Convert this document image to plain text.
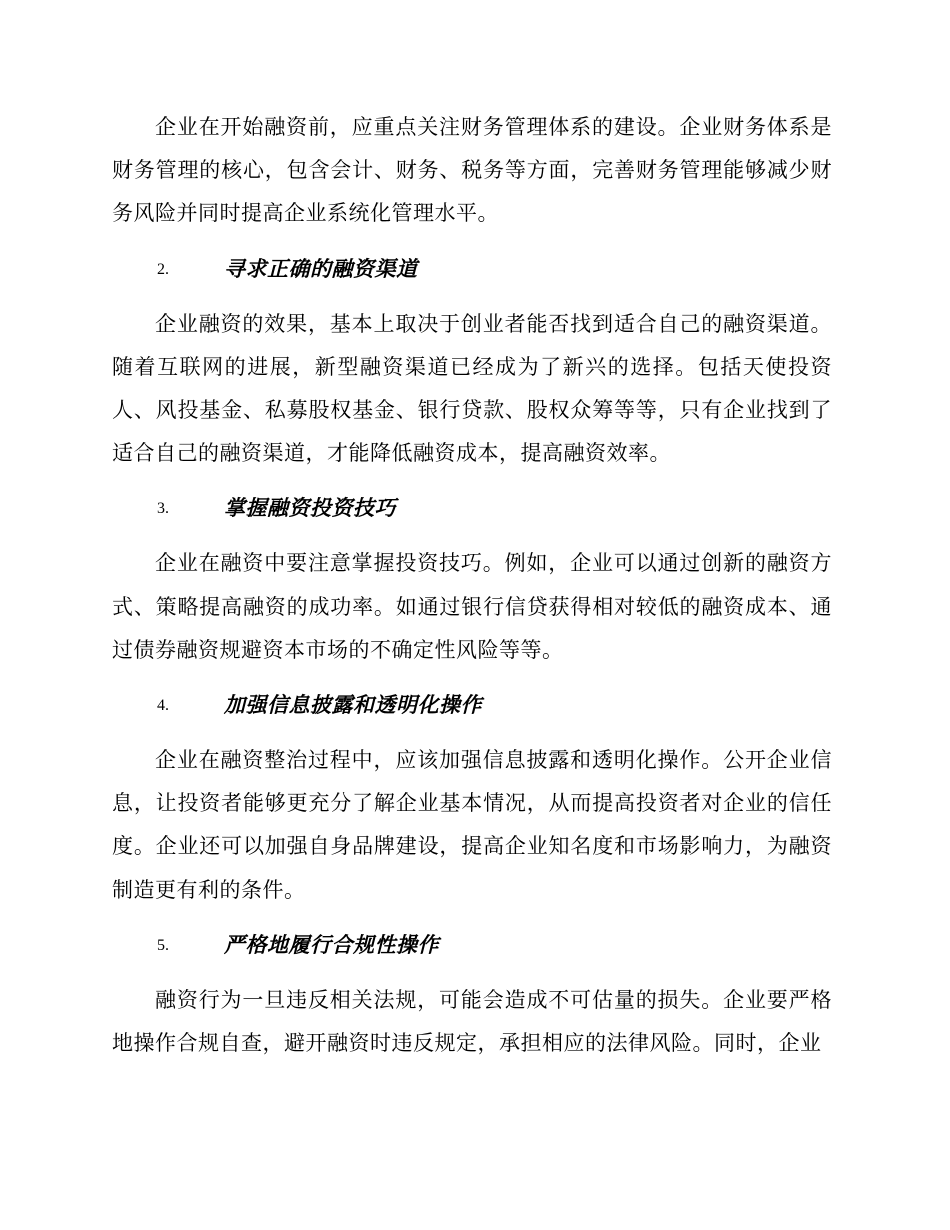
企业在开始融资前，应重点关注财务管理体系的建设。企业财务体系是财务管理的核心，包含会计、财务、税务等方面，完善财务管理能够减少财务风险并同时提高企业系统化管理水平。

2.	寻求正确的融资渠道

企业融资的效果，基本上取决于创业者能否找到适合自己的融资渠道。随着互联网的进展，新型融资渠道已经成为了新兴的选择。包括天使投资人、风投基金、私募股权基金、银行贷款、股权众筹等等，只有企业找到了适合自己的融资渠道，才能降低融资成本，提高融资效率。

3.	掌握融资投资技巧

企业在融资中要注意掌握投资技巧。例如，企业可以通过创新的融资方式、策略提高融资的成功率。如通过银行信贷获得相对较低的融资成本、通过债券融资规避资本市场的不确定性风险等等。

4.	加强信息披露和透明化操作

企业在融资整治过程中，应该加强信息披露和透明化操作。公开企业信息，让投资者能够更充分了解企业基本情况，从而提高投资者对企业的信任度。企业还可以加强自身品牌建设，提高企业知名度和市场影响力，为融资制造更有利的条件。

5.	严格地履行合规性操作

融资行为一旦违反相关法规，可能会造成不可估量的损失。企业要严格地操作合规自查，避开融资时违反规定，承担相应的法律风险。同时，企业
